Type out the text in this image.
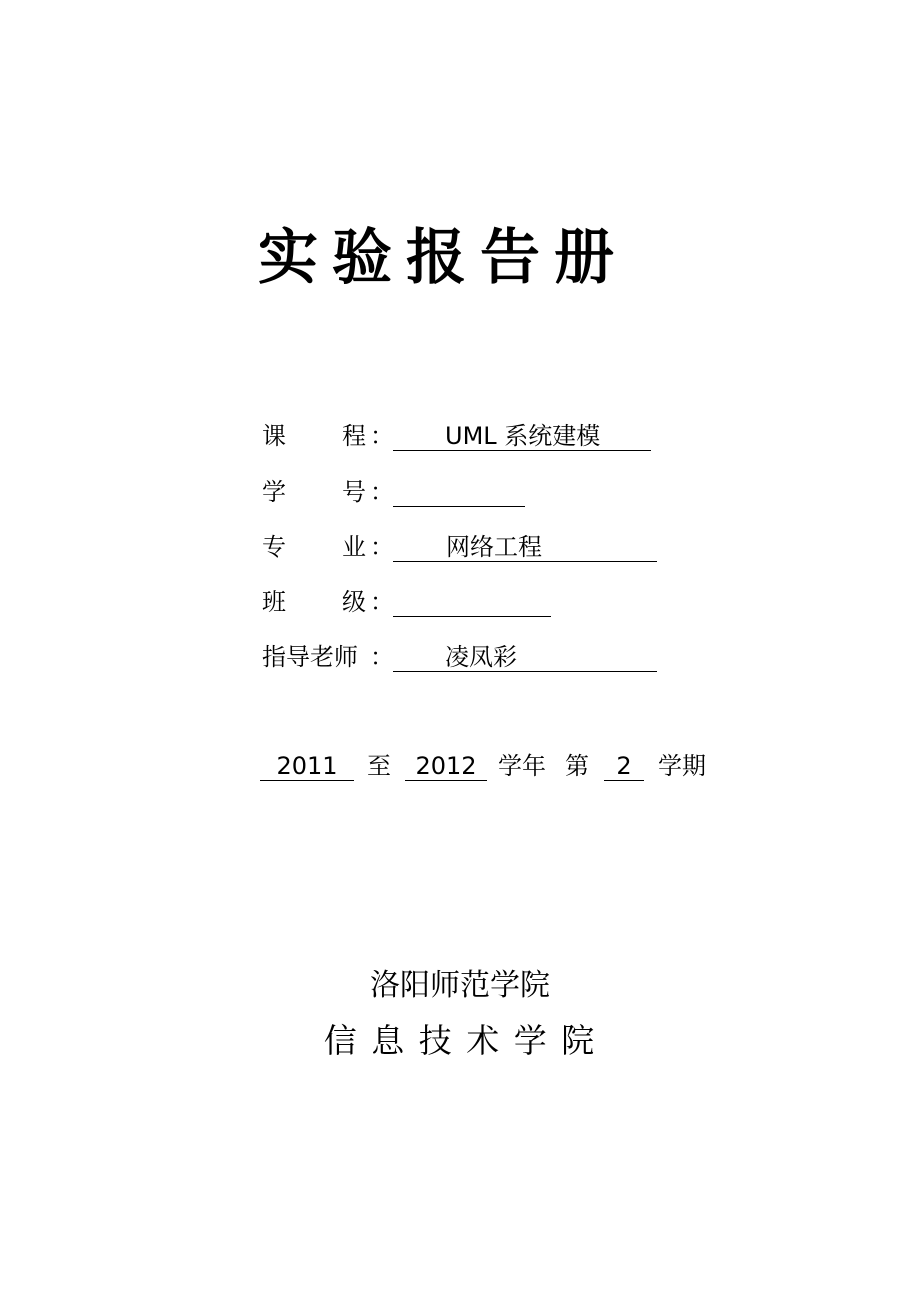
实验报告册
课 程 ： UML 系统建模
学 号 ：
专 业 ： 网络工程
班 级 ：
指导老师 ： 凌凤彩
2011	至	2012 学年 第	2	学期
洛阳师范学院
信 息 技 术 学 院
